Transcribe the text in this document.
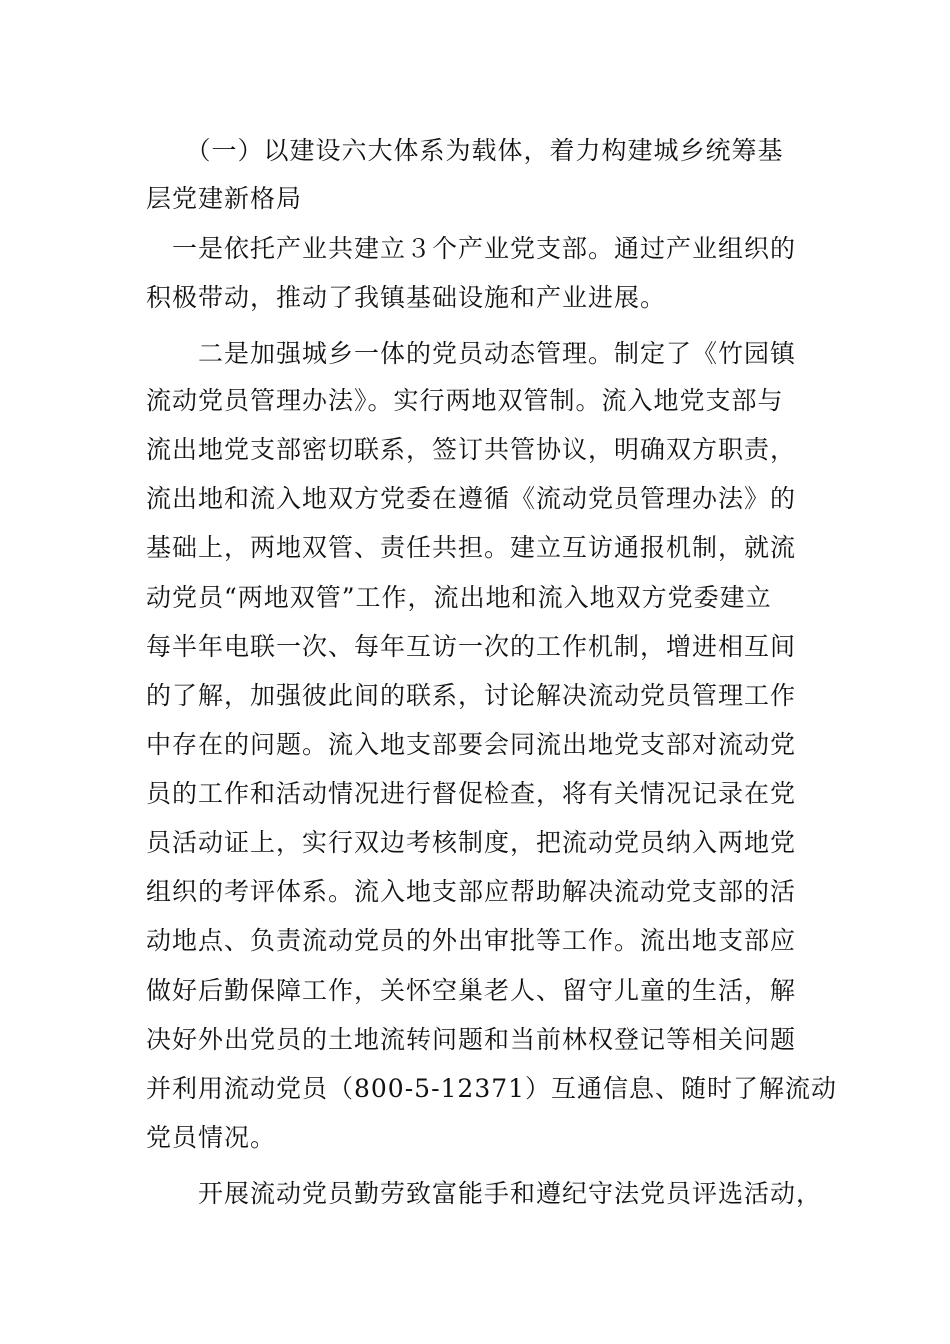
　　（一）以建设六大体系为载体，着力构建城乡统筹基
层党建新格局
　一是依托产业共建立３个产业党支部。通过产业组织的
积极带动，推动了我镇基础设施和产业进展。
　　二是加强城乡一体的党员动态管理。制定了《竹园镇
流动党员管理办法》。实行两地双管制。流入地党支部与
流出地党支部密切联系，签订共管协议，明确双方职责，
流出地和流入地双方党委在遵循《流动党员管理办法》的
基础上，两地双管、责任共担。建立互访通报机制，就流
动党员“两地双管”工作，流出地和流入地双方党委建立
每半年电联一次、每年互访一次的工作机制，增进相互间
的了解，加强彼此间的联系，讨论解决流动党员管理工作
中存在的问题。流入地支部要会同流出地党支部对流动党
员的工作和活动情况进行督促检查，将有关情况记录在党
员活动证上，实行双边考核制度，把流动党员纳入两地党
组织的考评体系。流入地支部应帮助解决流动党支部的活
动地点、负责流动党员的外出审批等工作。流出地支部应
做好后勤保障工作，关怀空巢老人、留守儿童的生活，解
决好外出党员的土地流转问题和当前林权登记等相关问题
并利用流动党员（800-5-12371）互通信息、随时了解流动
党员情况。
　　开展流动党员勤劳致富能手和遵纪守法党员评选活动，
